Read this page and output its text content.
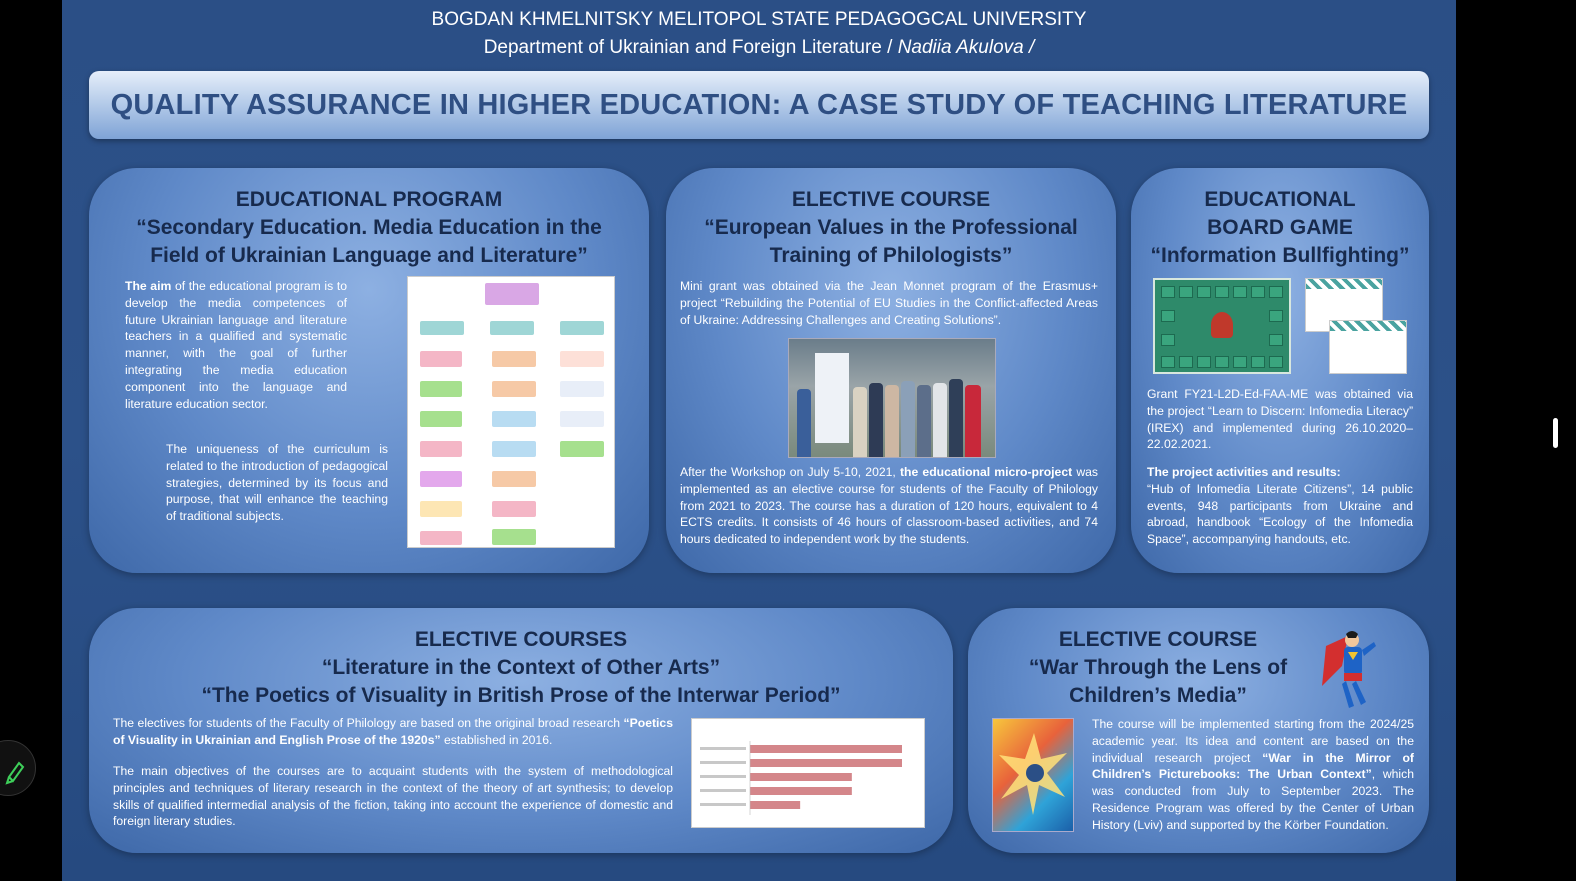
BOGDAN KHMELNITSKY MELITOPOL STATE PEDAGOGCAL UNIVERSITY
Department of Ukrainian and Foreign Literature / Nadiia Akulova /
QUALITY ASSURANCE IN HIGHER EDUCATION: A CASE STUDY OF TEACHING LITERATURE
EDUCATIONAL PROGRAM
“Secondary Education. Media Education in the
Field of Ukrainian Language and Literature”

The aim of the educational program is to develop the media competences of future Ukrainian language and literature teachers in a qualified and systematic manner, with the goal of further integrating the media education component into the language and literature education sector.

The uniqueness of the curriculum is related to the introduction of pedagogical strategies, determined by its focus and purpose, that will enhance the teaching of traditional subjects.

ELECTIVE COURSE
“European Values in the Professional
Training of Philologists”

Mini grant was obtained via the Jean Monnet program of the Erasmus+ project “Rebuilding the Potential of EU Studies in the Conflict-affected Areas of Ukraine: Addressing Challenges and Creating Solutions”.

After the Workshop on July 5-10, 2021, the educational micro-project was implemented as an elective course for students of the Faculty of Philology from 2021 to 2023. The course has a duration of 120 hours, equivalent to 4 ECTS credits. It consists of 46 hours of classroom-based activities, and 74 hours dedicated to independent work by the students.

EDUCATIONAL
BOARD GAME
“Information Bullfighting”

Grant FY21-L2D-Ed-FAA-ME was obtained via the project “Learn to Discern: Infomedia Literacy” (IREX) and implemented during 26.10.2020–22.02.2021.

The project activities and results:
“Hub of Infomedia Literate Citizens”, 14 public events, 948 participants from Ukraine and abroad, handbook “Ecology of the Infomedia Space”, accompanying handouts, etc.

ELECTIVE COURSES
“Literature in the Context of Other Arts”
“The Poetics of Visuality in British Prose of the Interwar Period”

The electives for students of the Faculty of Philology are based on the original broad research “Poetics of Visuality in Ukrainian and English Prose of the 1920s” established in 2016.

The main objectives of the courses are to acquaint students with the system of methodological principles and techniques of literary research in the context of the theory of art synthesis; to develop skills of qualified intermedial analysis of the fiction, taking into account the experience of domestic and foreign literary studies.

ELECTIVE COURSE
“War Through the Lens of
Children’s Media”

The course will be implemented starting from the 2024/25 academic year. Its idea and content are based on the individual research project “War in the Mirror of Children’s Picturebooks: The Urban Context”, which was conducted from July to September 2023. The Residence Program was offered by the Center of Urban History (Lviv) and supported by the Körber Foundation.
